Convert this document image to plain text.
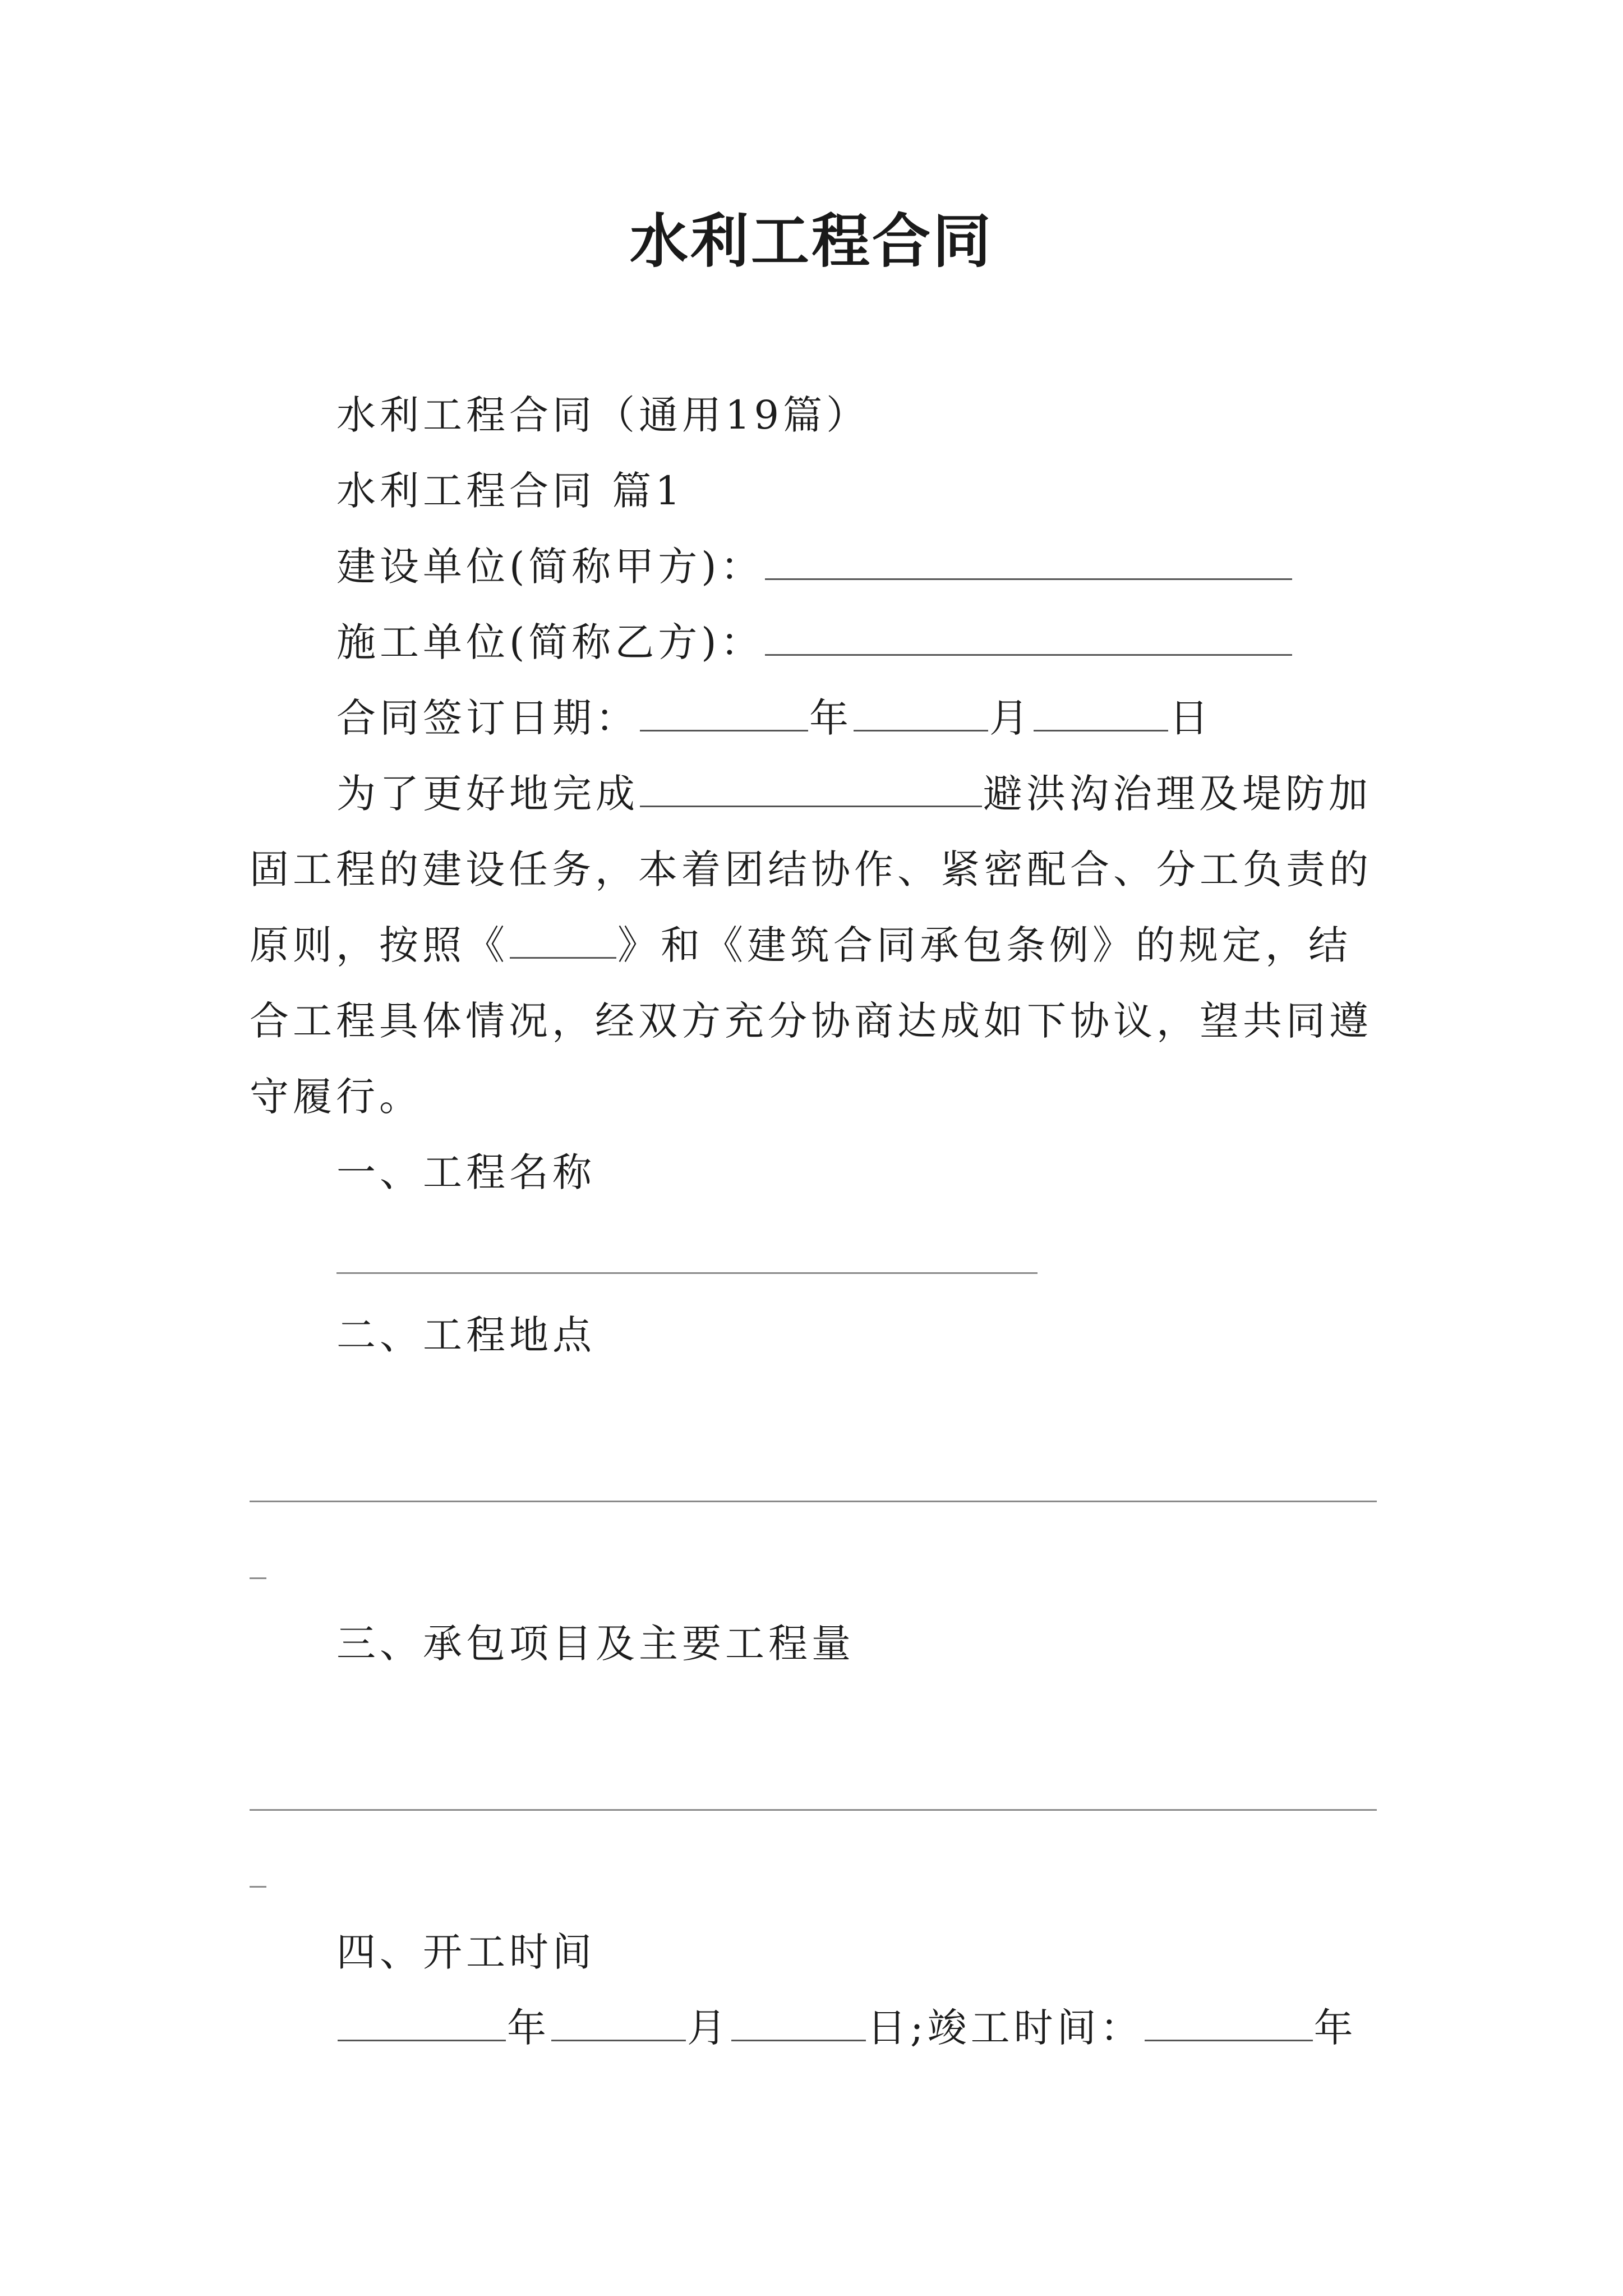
水利工程合同
水利工程合同（通用19篇）
水利工程合同 篇1
建设单位(简称甲方)：
施工单位(简称乙方)：
合同签订日期：	年	月	日
为了更好地完成	避洪沟治理及堤防加
固工程的建设任务，本着团结协作、紧密配合、分工负责的
原则，按照《	》和《建筑合同承包条例》的规定，结
合工程具体情况，经双方充分协商达成如下协议，望共同遵
守履行。
一、工程名称
二、工程地点
三、承包项目及主要工程量
四、开工时间
年	月	日;竣工时间：	年
